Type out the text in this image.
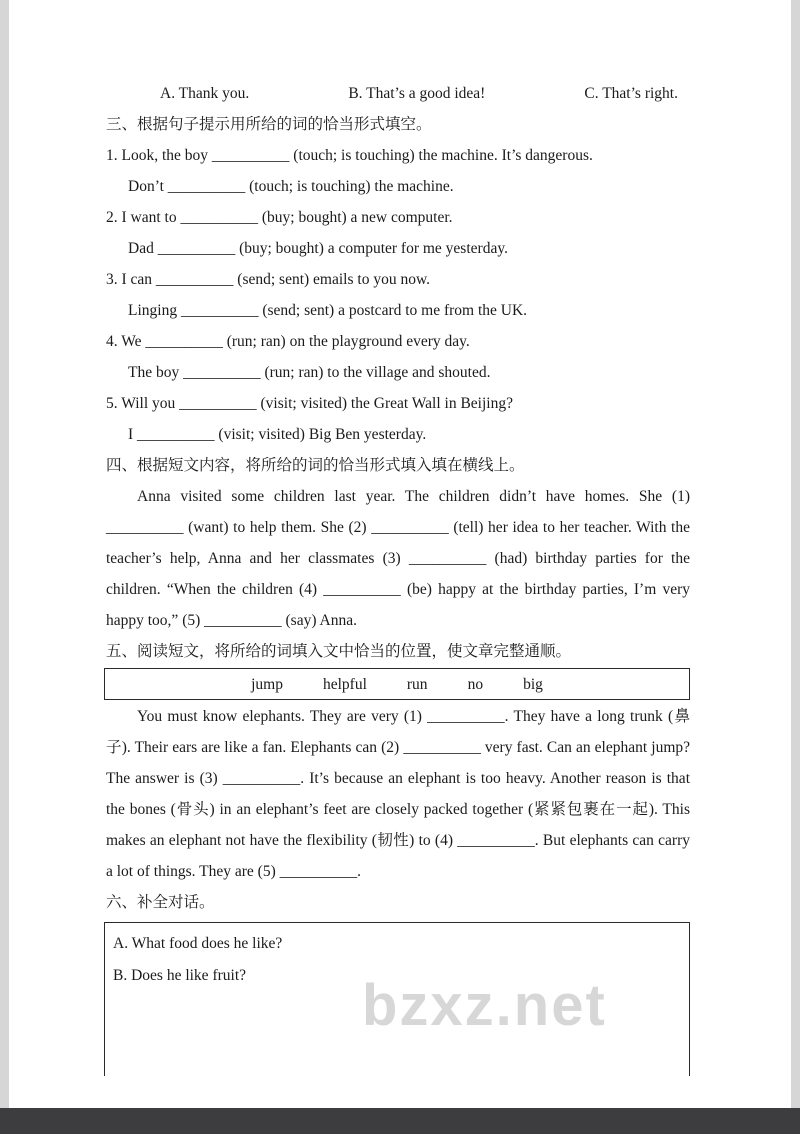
bzxz.net
A. Thank you.	B. That’s a good idea!	C. That’s right.
三、根据句子提示用所给的词的恰当形式填空。
1. Look, the boy __________ (touch; is touching) the machine. It’s dangerous.
Don’t __________ (touch; is touching) the machine.
2. I want to __________ (buy; bought) a new computer.
Dad __________ (buy; bought) a computer for me yesterday.
3. I can __________ (send; sent) emails to you now.
Linging __________ (send; sent) a postcard to me from the UK.
4. We __________ (run; ran) on the playground every day.
The boy __________ (run; ran) to the village and shouted.
5. Will you __________ (visit; visited) the Great Wall in Beijing?
I __________ (visit; visited) Big Ben yesterday.
四、根据短文内容，将所给的词的恰当形式填入填在横线上。

Anna visited some children last year. The children didn’t have homes. She (1) __________ (want) to help them. She (2) __________ (tell) her idea to her teacher. With the teacher’s help, Anna and her classmates (3) __________ (had) birthday parties for the children. “When the children (4) __________ (be) happy at the birthday parties, I’m very happy too,” (5) __________ (say) Anna.

五、阅读短文，将所给的词填入文中恰当的位置，使文章完整通顺。
jump	helpful	run	no	big

You must know elephants. They are very (1) __________. They have a long trunk (鼻子). Their ears are like a fan. Elephants can (2) __________ very fast. Can an elephant jump? The answer is (3) __________. It’s because an elephant is too heavy. Another reason is that the bones (骨头) in an elephant’s feet are closely packed together (紧紧包裹在一起). This makes an elephant not have the flexibility (韧性) to (4) __________. But elephants can carry a lot of things. They are (5) __________.

六、补全对话。
A. What food does he like?
B. Does he like fruit?
